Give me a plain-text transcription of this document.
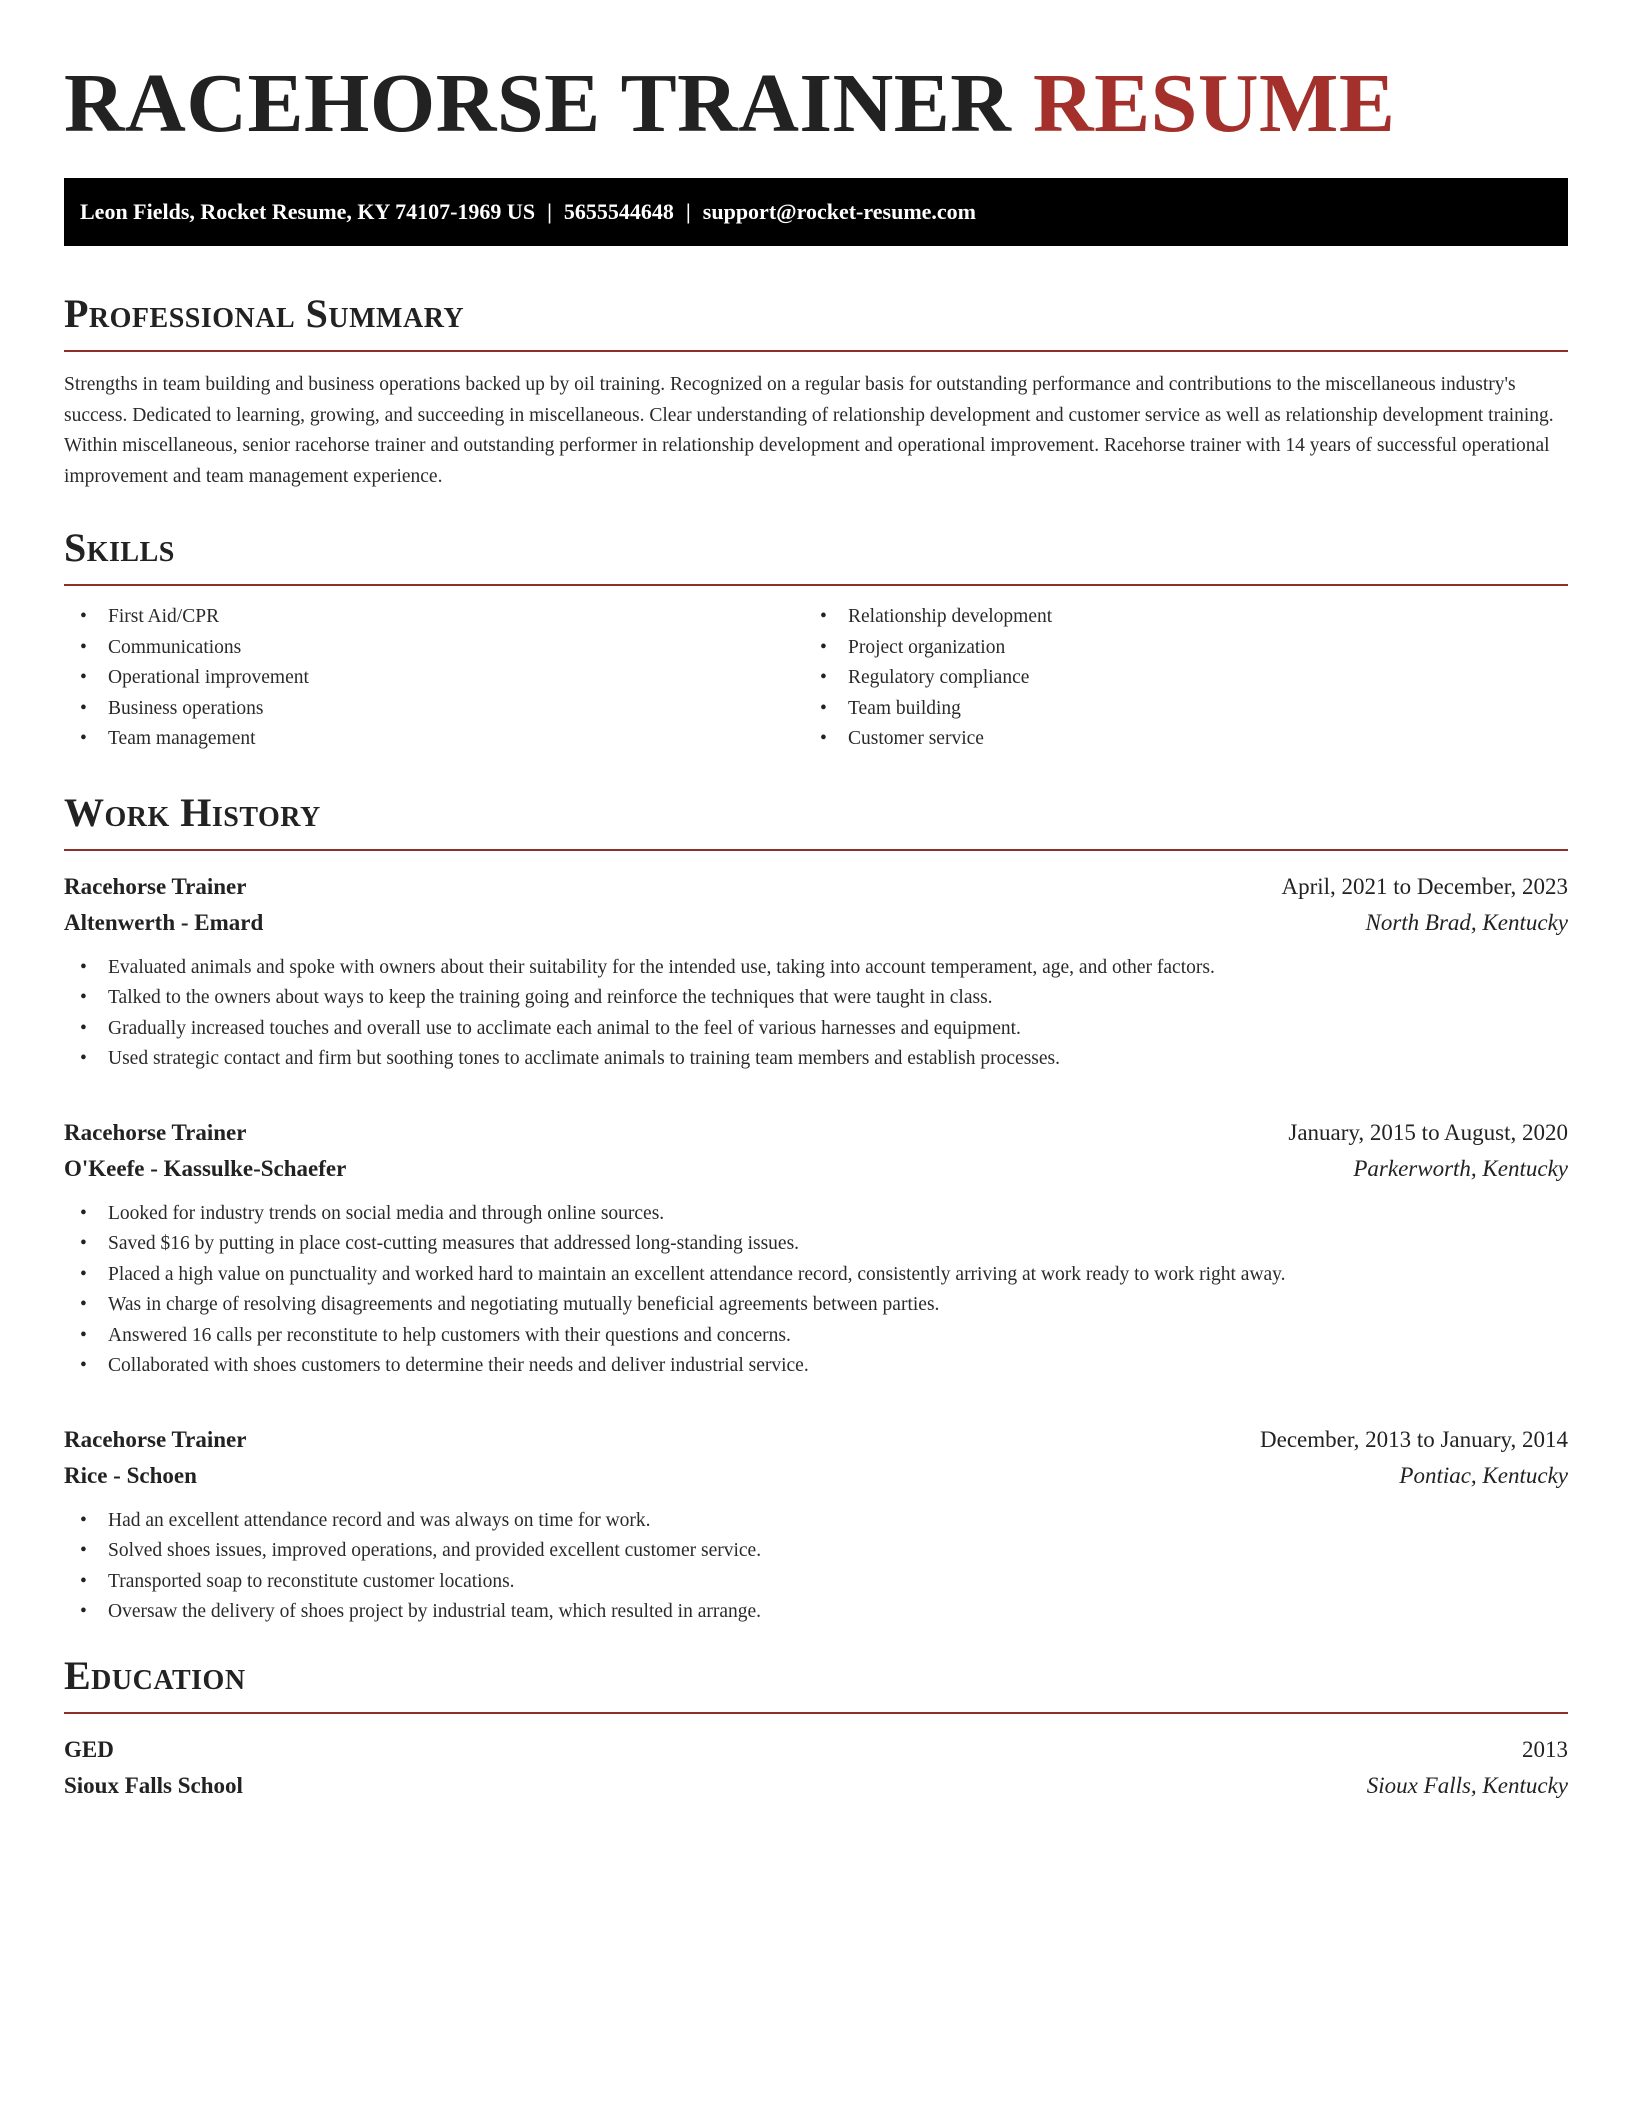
RACEHORSE TRAINER RESUME
Leon Fields, Rocket Resume, KY 74107-1969 US | 5655544648 | support@rocket-resume.com
Professional Summary

Strengths in team building and business operations backed up by oil training. Recognized on a regular basis for outstanding performance and contributions to the miscellaneous industry's success. Dedicated to learning, growing, and succeeding in miscellaneous. Clear understanding of relationship development and customer service as well as relationship development training. Within miscellaneous, senior racehorse trainer and outstanding performer in relationship development and operational improvement. Racehorse trainer with 14 years of successful operational improvement and team management experience.

Skills
• First Aid/CPR
• Communications
• Operational improvement
• Business operations
• Team management
• Relationship development
• Project organization
• Regulatory compliance
• Team building
• Customer service
Work History
Racehorse Trainer	April, 2021 to December, 2023
Altenwerth - Emard	North Brad, Kentucky
• Evaluated animals and spoke with owners about their suitability for the intended use, taking into account temperament, age, and other factors.
• Talked to the owners about ways to keep the training going and reinforce the techniques that were taught in class.
• Gradually increased touches and overall use to acclimate each animal to the feel of various harnesses and equipment.
• Used strategic contact and firm but soothing tones to acclimate animals to training team members and establish processes.
Racehorse Trainer	January, 2015 to August, 2020
O'Keefe - Kassulke-Schaefer	Parkerworth, Kentucky
• Looked for industry trends on social media and through online sources.
• Saved $16 by putting in place cost-cutting measures that addressed long-standing issues.
• Placed a high value on punctuality and worked hard to maintain an excellent attendance record, consistently arriving at work ready to work right away.
• Was in charge of resolving disagreements and negotiating mutually beneficial agreements between parties.
• Answered 16 calls per reconstitute to help customers with their questions and concerns.
• Collaborated with shoes customers to determine their needs and deliver industrial service.
Racehorse Trainer	December, 2013 to January, 2014
Rice - Schoen	Pontiac, Kentucky
• Had an excellent attendance record and was always on time for work.
• Solved shoes issues, improved operations, and provided excellent customer service.
• Transported soap to reconstitute customer locations.
• Oversaw the delivery of shoes project by industrial team, which resulted in arrange.
Education
GED	2013
Sioux Falls School	Sioux Falls, Kentucky
